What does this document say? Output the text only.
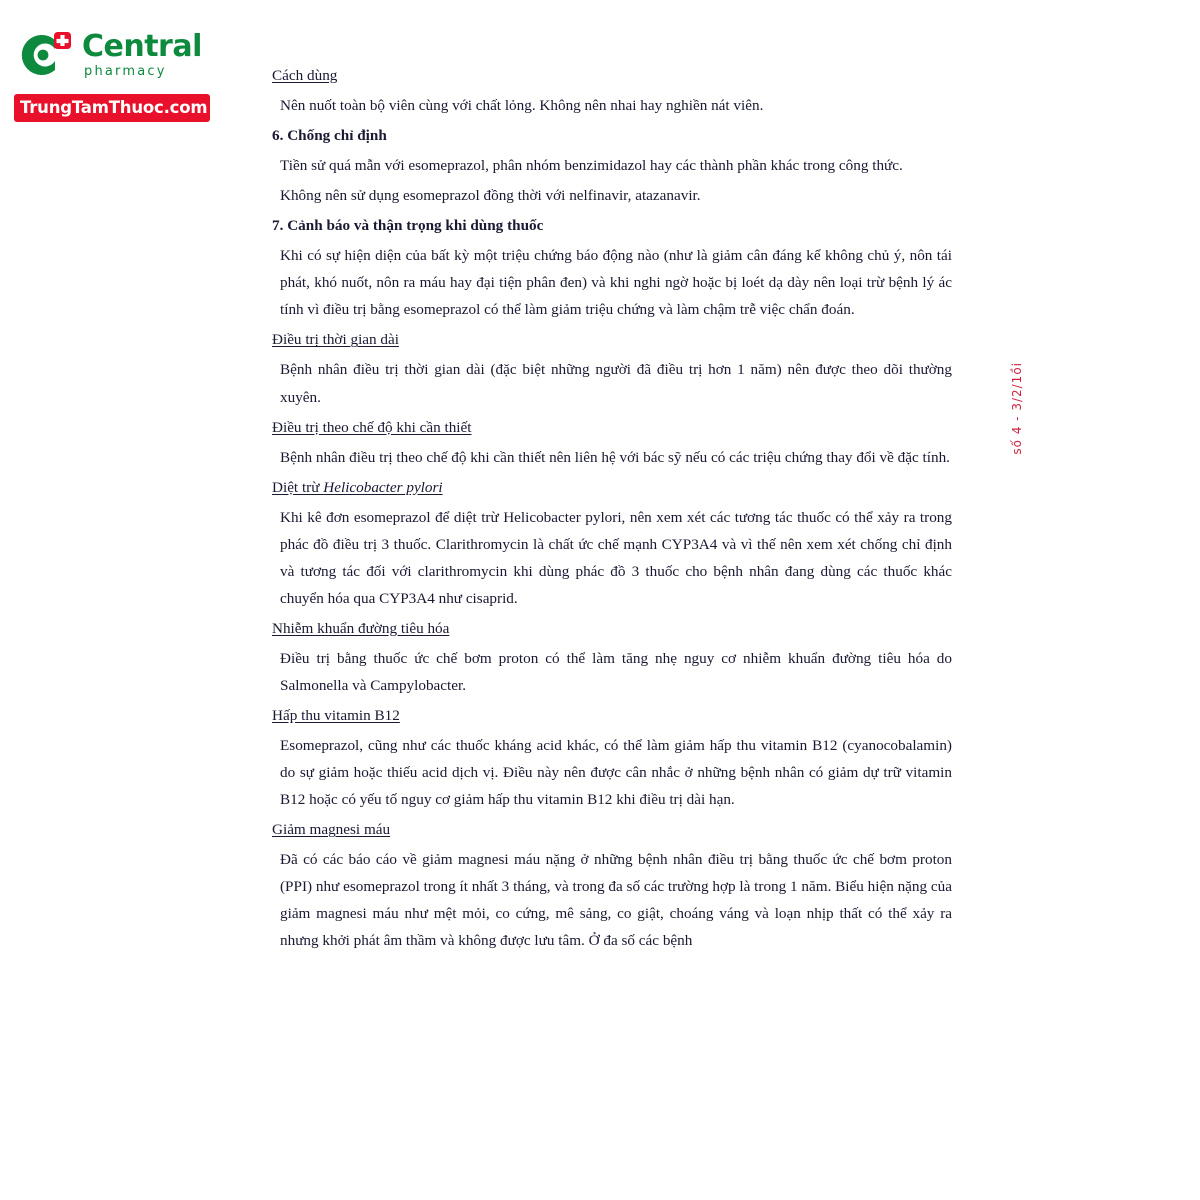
Central
pharmacy
TrungTamThuoc.com

Cách dùng

Nên nuốt toàn bộ viên cùng với chất lỏng. Không nên nhai hay nghiền nát viên.

6. Chống chỉ định

Tiền sử quá mẫn với esomeprazol, phân nhóm benzimidazol hay các thành phần khác trong công thức.

Không nên sử dụng esomeprazol đồng thời với nelfinavir, atazanavir.

7. Cảnh báo và thận trọng khi dùng thuốc

Khi có sự hiện diện của bất kỳ một triệu chứng báo động nào (như là giảm cân đáng kể không chủ ý, nôn tái phát, khó nuốt, nôn ra máu hay đại tiện phân đen) và khi nghi ngờ hoặc bị loét dạ dày nên loại trừ bệnh lý ác tính vì điều trị bằng esomeprazol có thể làm giảm triệu chứng và làm chậm trễ việc chẩn đoán.

Điều trị thời gian dài

Bệnh nhân điều trị thời gian dài (đặc biệt những người đã điều trị hơn 1 năm) nên được theo dõi thường xuyên.

Điều trị theo chế độ khi cần thiết

Bệnh nhân điều trị theo chế độ khi cần thiết nên liên hệ với bác sỹ nếu có các triệu chứng thay đổi về đặc tính.

Diệt trừ Helicobacter pylori

Khi kê đơn esomeprazol để diệt trừ Helicobacter pylori, nên xem xét các tương tác thuốc có thể xảy ra trong phác đồ điều trị 3 thuốc. Clarithromycin là chất ức chế mạnh CYP3A4 và vì thế nên xem xét chống chỉ định và tương tác đối với clarithromycin khi dùng phác đồ 3 thuốc cho bệnh nhân đang dùng các thuốc khác chuyển hóa qua CYP3A4 như cisaprid.

Nhiễm khuẩn đường tiêu hóa

Điều trị bằng thuốc ức chế bơm proton có thể làm tăng nhẹ nguy cơ nhiễm khuẩn đường tiêu hóa do Salmonella và Campylobacter.

Hấp thu vitamin B12

Esomeprazol, cũng như các thuốc kháng acid khác, có thể làm giảm hấp thu vitamin B12 (cyanocobalamin) do sự giảm hoặc thiếu acid dịch vị. Điều này nên được cân nhắc ở những bệnh nhân có giảm dự trữ vitamin B12 hoặc có yếu tố nguy cơ giảm hấp thu vitamin B12 khi điều trị dài hạn.

Giảm magnesi máu

Đã có các báo cáo về giảm magnesi máu nặng ở những bệnh nhân điều trị bằng thuốc ức chế bơm proton (PPI) như esomeprazol trong ít nhất 3 tháng, và trong đa số các trường hợp là trong 1 năm. Biểu hiện nặng của giảm magnesi máu như mệt mỏi, co cứng, mê sảng, co giật, choáng váng và loạn nhịp thất có thể xảy ra nhưng khởi phát âm thầm và không được lưu tâm. Ở đa số các bệnh

số 4 - 3/2/1ồi
